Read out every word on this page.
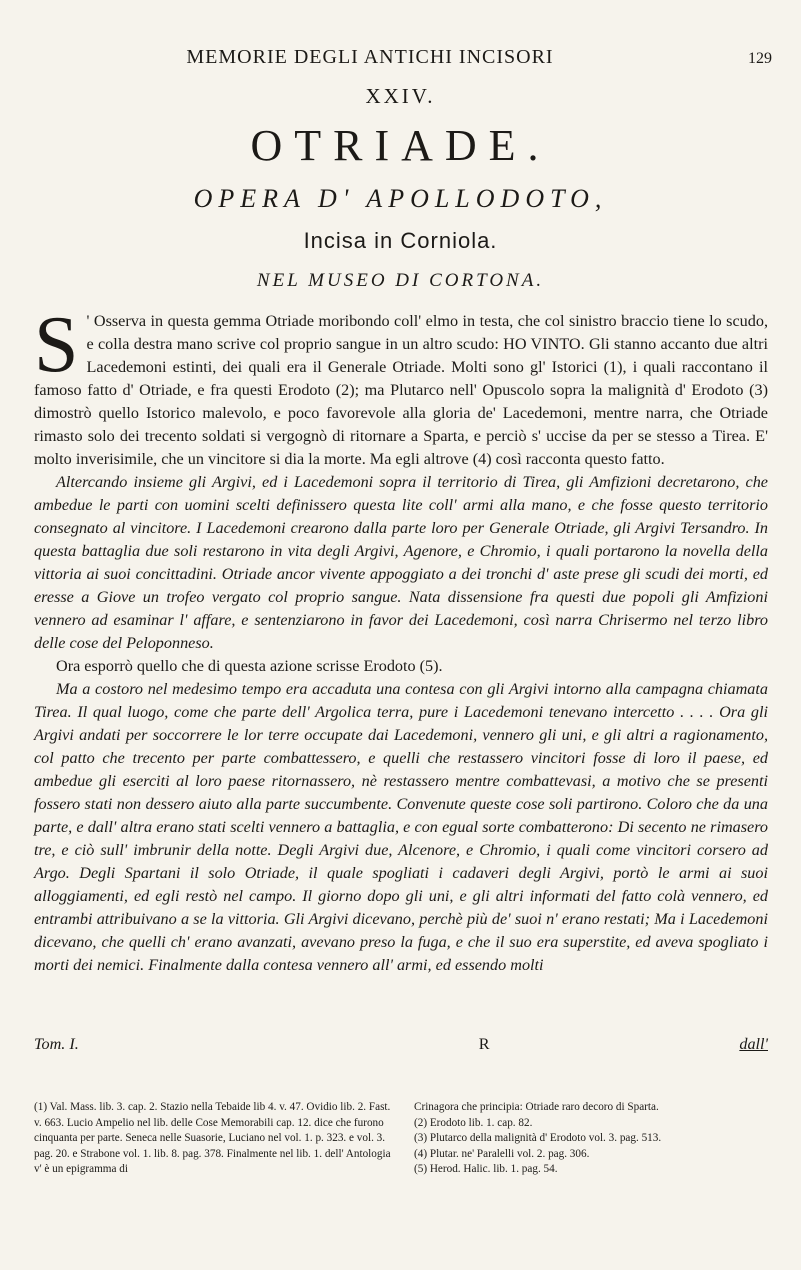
MEMORIE DEGLI ANTICHI INCISORI	129
XXIV.
OTRIADE.
OPERA D' APOLLODOTO,
Incisa in Corniola.
NEL MUSEO DI CORTONA.

S ' Osserva in questa gemma Otriade moribondo coll' elmo in testa, che col sinistro braccio tiene lo scudo, e colla destra mano scrive col proprio sangue in un altro scudo: HO VINTO. Gli stanno accanto due altri Lacedemoni estinti, dei quali era il Generale Otriade. Molti sono gl' Istorici (1), i quali raccontano il famoso fatto d' Otriade, e fra questi Erodoto (2); ma Plutarco nell' Opuscolo sopra la malignità d' Erodoto (3) dimostrò quello Istorico malevolo, e poco favorevole alla gloria de' Lacedemoni, mentre narra, che Otriade rimasto solo dei trecento soldati si vergognò di ritornare a Sparta, e perciò s' uccise da per se stesso a Tirea. E' molto inverisimile, che un vincitore si dia la morte. Ma egli altrove (4) così racconta questo fatto.

Altercando insieme gli Argivi, ed i Lacedemoni sopra il territorio di Tirea, gli Amfizioni decretarono, che ambedue le parti con uomini scelti definissero questa lite coll' armi alla mano, e che fosse questo territorio consegnato al vincitore. I Lacedemoni crearono dalla parte loro per Generale Otriade, gli Argivi Tersandro. In questa battaglia due soli restarono in vita degli Argivi, Agenore, e Chromio, i quali portarono la novella della vittoria ai suoi concittadini. Otriade ancor vivente appoggiato a dei tronchi d' aste prese gli scudi dei morti, ed eresse a Giove un trofeo vergato col proprio sangue. Nata dissensione fra questi due popoli gli Amfizioni vennero ad esaminar l' affare, e sentenziarono in favor dei Lacedemoni, così narra Chrisermo nel terzo libro delle cose del Peloponneso.

Ora esporrò quello che di questa azione scrisse Erodoto (5).

Ma a costoro nel medesimo tempo era accaduta una contesa con gli Argivi intorno alla campagna chiamata Tirea. Il qual luogo, come che parte dell' Argolica terra, pure i Lacedemoni tenevano intercetto . . . . Ora gli Argivi andati per soccorrere le lor terre occupate dai Lacedemoni, vennero gli uni, e gli altri a ragionamento, col patto che trecento per parte combattessero, e quelli che restassero vincitori fosse di loro il paese, ed ambedue gli eserciti al loro paese ritornassero, nè restassero mentre combattevasi, a motivo che se presenti fossero stati non dessero aiuto alla parte succumbente. Convenute queste cose soli partirono. Coloro che da una parte, e dall' altra erano stati scelti vennero a battaglia, e con egual sorte combatterono: Di secento ne rimasero tre, e ciò sull' imbrunir della notte. Degli Argivi due, Alcenore, e Chromio, i quali come vincitori corsero ad Argo. Degli Spartani il solo Otriade, il quale spogliati i cadaveri degli Argivi, portò le armi ai suoi alloggiamenti, ed egli restò nel campo. Il giorno dopo gli uni, e gli altri informati del fatto colà vennero, ed entrambi attribuivano a se la vittoria. Gli Argivi dicevano, perchè più de' suoi n' erano restati; Ma i Lacedemoni dicevano, che quelli ch' erano avanzati, avevano preso la fuga, e che il suo era superstite, ed aveva spogliato i morti dei nemici. Finalmente dalla contesa vennero all' armi, ed essendo molti

Tom. I.	R	dall'

(1) Val. Mass. lib. 3. cap. 2. Stazio nella Tebaide lib 4. v. 47. Ovidio lib. 2. Fast. v. 663. Lucio Ampelio nel lib. delle Cose Memorabili cap. 12. dice che furono cinquanta per parte. Seneca nelle Suasorie, Luciano nel vol. 1. p. 323. e vol. 3. pag. 20. e Strabone vol. 1. lib. 8. pag. 378. Finalmente nel lib. 1. dell' Antologia v' è un epigramma di

Crinagora che principia: Otriade raro decoro di Sparta.

(2) Erodoto lib. 1. cap. 82.

(3) Plutarco della malignità d' Erodoto vol. 3. pag. 513.

(4) Plutar. ne' Paralelli vol. 2. pag. 306.

(5) Herod. Halic. lib. 1. pag. 54.
